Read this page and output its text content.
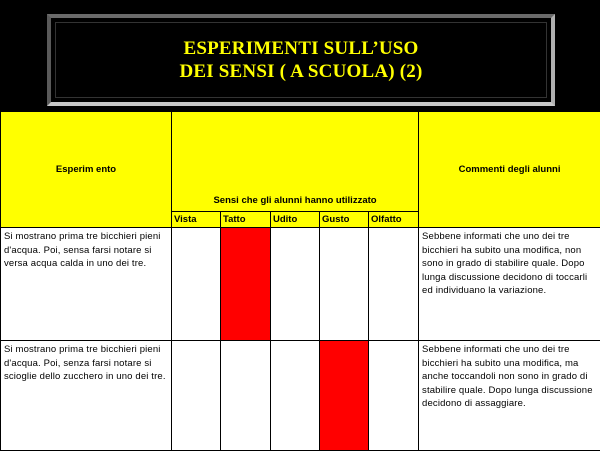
ESPERIMENTI SULL’USO
DEI SENSI ( A SCUOLA) (2)
Esperim ento	Sensi che gli alunni hanno utilizzato					Commenti degli alunni
	Vista	Tatto	Udito	Gusto	Olfatto	
Si mostrano prima tre bicchieri pieni d'acqua. Poi, sensa farsi notare si versa acqua calda in uno dei tre.						Sebbene informati che uno dei tre bicchieri ha subito una modifica, non sono in grado di stabilire quale. Dopo lunga discussione decidono di toccarli ed individuano la variazione.
Si mostrano prima tre bicchieri pieni d'acqua. Poi, senza farsi notare si scioglie dello zucchero in uno dei tre.						Sebbene informati che uno dei tre bicchieri ha subito una modifica, ma anche toccandoli non sono in grado di stabilire quale. Dopo lunga discussione decidono di assaggiare.
